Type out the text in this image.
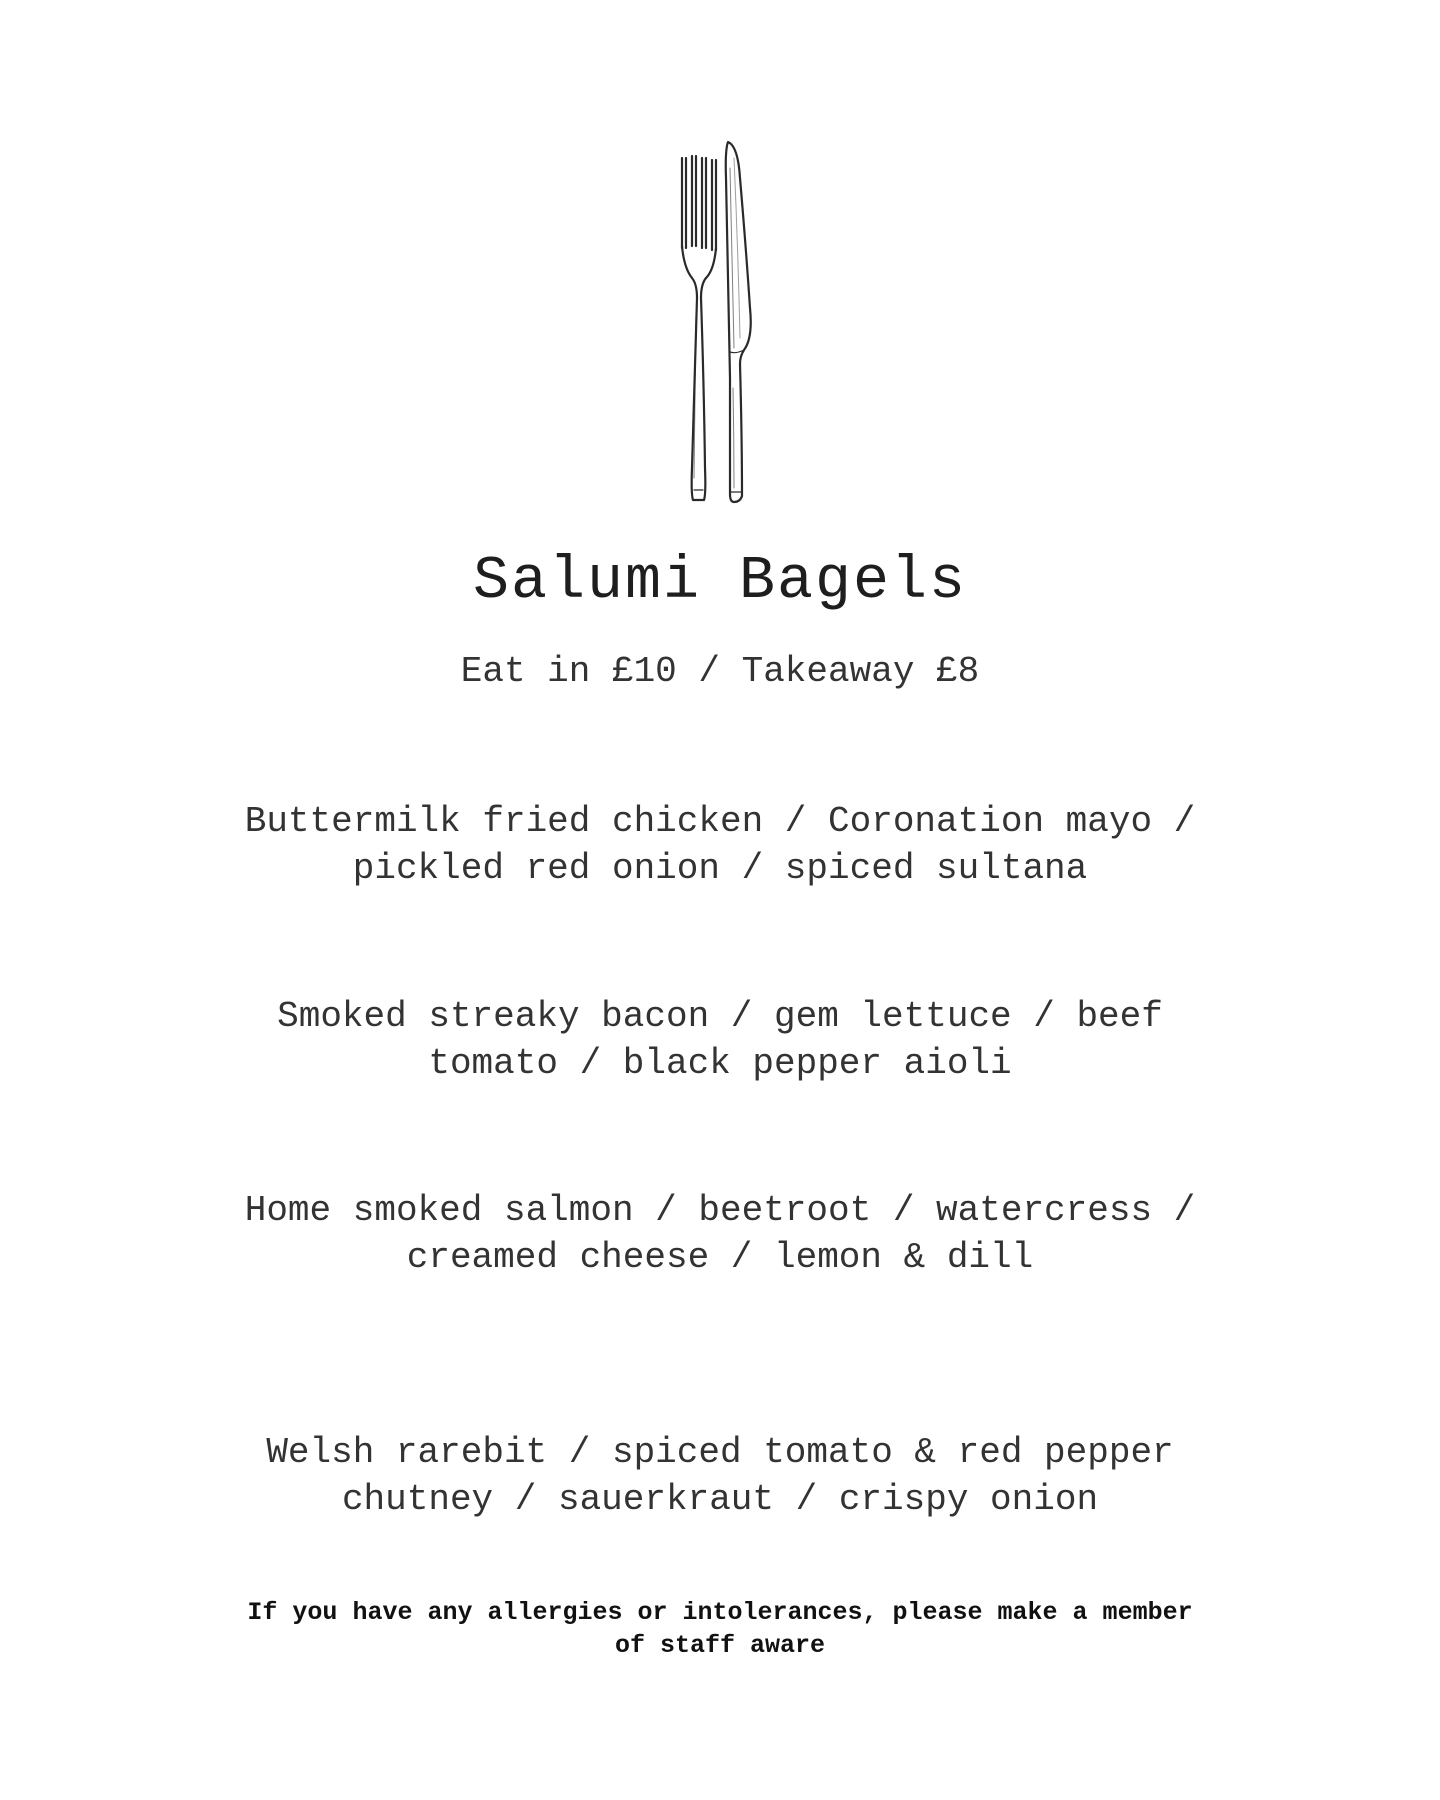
Salumi Bagels
Eat in £10 / Takeaway £8
Buttermilk fried chicken / Coronation mayo / pickled red onion / spiced sultana
Smoked streaky bacon / gem lettuce / beef tomato / black pepper aioli
Home smoked salmon / beetroot / watercress / creamed cheese / lemon & dill
Welsh rarebit / spiced tomato & red pepper chutney / sauerkraut / crispy onion
If you have any allergies or intolerances, please make a member of staff aware
